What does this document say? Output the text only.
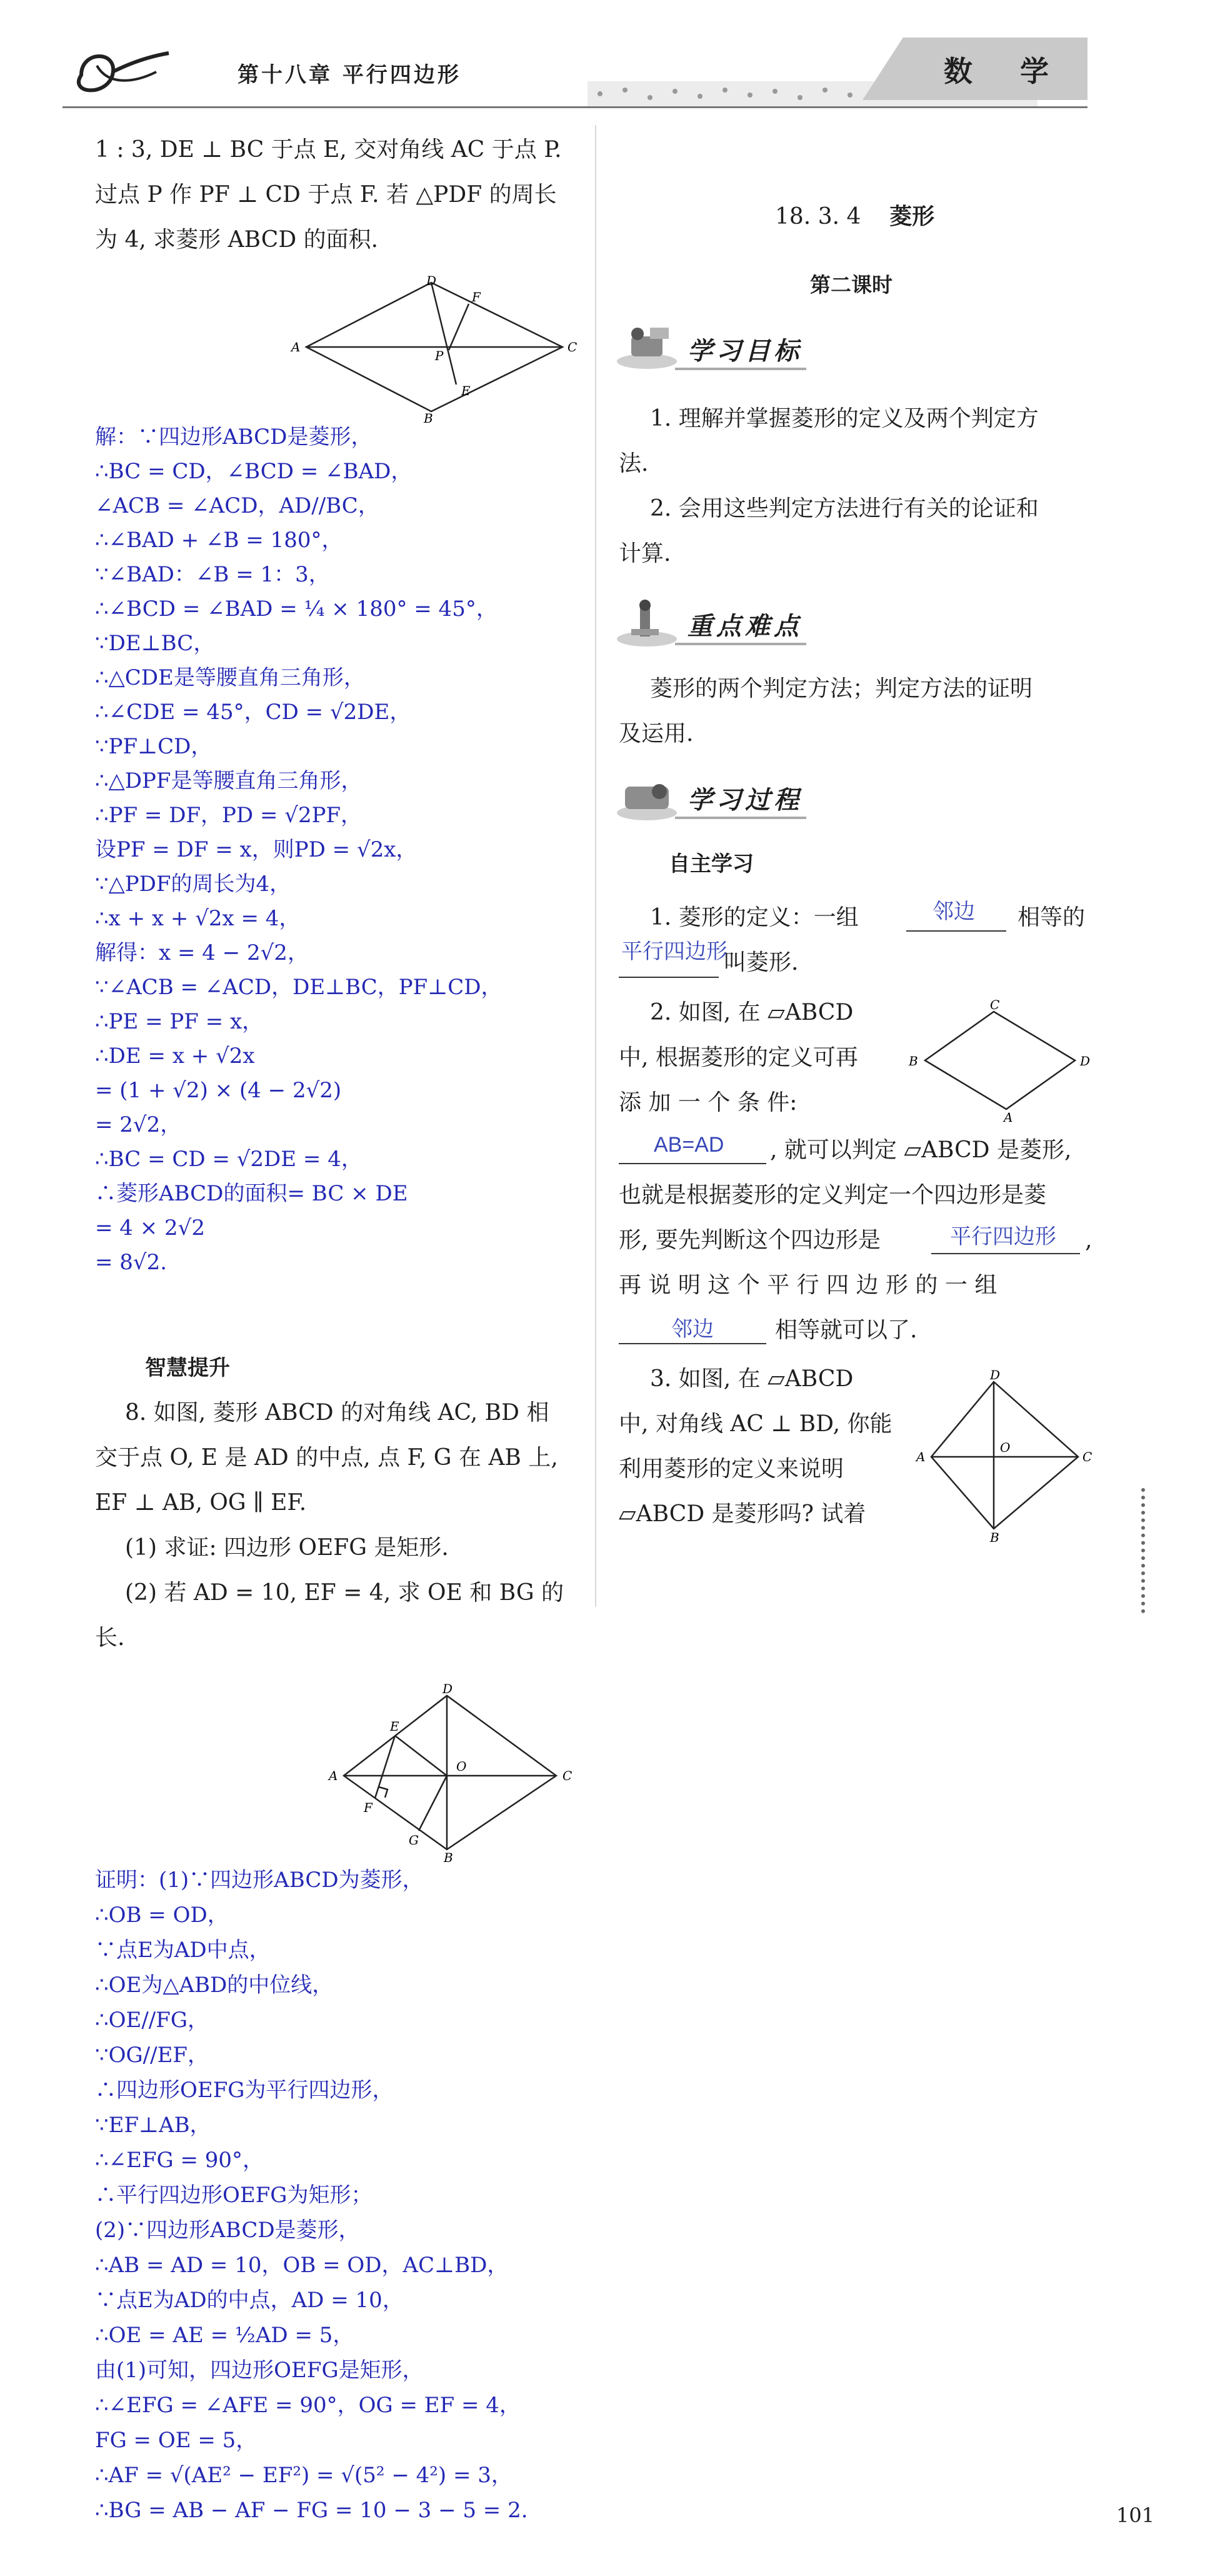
第十八章 平行四边形	数 学
1 : 3, DE ⊥ BC 于点 E, 交对角线 AC 于点 P.
过点 P 作 PF ⊥ CD 于点 F. 若 △PDF 的周长
为 4, 求菱形 ABCD 的面积.
D
F
A
P
C
E
B
解：∵四边形ABCD是菱形，
∴BC = CD，∠BCD = ∠BAD，
∠ACB = ∠ACD，AD//BC，
∴∠BAD + ∠B = 180°，
∵∠BAD：∠B = 1：3，
∴∠BCD = ∠BAD = ¼ × 180° = 45°，
∵DE⊥BC，
∴△CDE是等腰直角三角形，
∴∠CDE = 45°，CD = √2DE，
∵PF⊥CD，
∴△DPF是等腰直角三角形，
∴PF = DF，PD = √2PF，
设PF = DF = x，则PD = √2x，
∵△PDF的周长为4，
∴x + x + √2x = 4，
解得：x = 4 − 2√2，
∵∠ACB = ∠ACD，DE⊥BC，PF⊥CD，
∴PE = PF = x，
∴DE = x + √2x
= (1 + √2) × (4 − 2√2)
= 2√2，
∴BC = CD = √2DE = 4，
∴菱形ABCD的面积= BC × DE
= 4 × 2√2
= 8√2.
智慧提升
8. 如图, 菱形 ABCD 的对角线 AC, BD 相
交于点 O, E 是 AD 的中点, 点 F, G 在 AB 上,
EF ⊥ AB, OG ∥ EF.
(1) 求证: 四边形 OEFG 是矩形.
(2) 若 AD = 10, EF = 4, 求 OE 和 BG 的
长.
D
E
O
A	C
F
G
B
证明：(1)∵四边形ABCD为菱形，
∴OB = OD，
∵点E为AD中点，
∴OE为△ABD的中位线，
∴OE//FG，
∵OG//EF，
∴四边形OEFG为平行四边形，
∵EF⊥AB，
∴∠EFG = 90°，
∴平行四边形OEFG为矩形；
(2)∵四边形ABCD是菱形，
∴AB = AD = 10，OB = OD，AC⊥BD，
∵点E为AD的中点，AD = 10，
∴OE = AE = ½AD = 5，
由(1)可知，四边形OEFG是矩形，
∴∠EFG = ∠AFE = 90°，OG = EF = 4，
FG = OE = 5，
∴AF = √(AE² − EF²) = √(5² − 4²) = 3，
∴BG = AB − AF − FG = 10 − 3 − 5 = 2.
18. 3. 4 菱形
第二课时
学习目标
1. 理解并掌握菱形的定义及两个判定方
法.
2. 会用这些判定方法进行有关的论证和
计算.
重点难点
菱形的两个判定方法；判定方法的证明
及运用.
学习过程
自主学习
1. 菱形的定义：一组	邻边 相等的
平行四边形
叫菱形.
2. 如图, 在 ▱ABCD
中, 根据菱形的定义可再
添 加 一 个 条 件:
C
B	D
A
AB=AD , 就可以判定 ▱ABCD 是菱形,
也就是根据菱形的定义判定一个四边形是菱
形, 要先判断这个四边形是	平行四边形 ,
再 说 明 这 个 平 行 四 边 形 的 一 组
邻边	相等就可以了.
3. 如图, 在 ▱ABCD
中, 对角线 AC ⊥ BD, 你能
利用菱形的定义来说明
▱ABCD 是菱形吗? 试着
D
O
A	C
B
101
